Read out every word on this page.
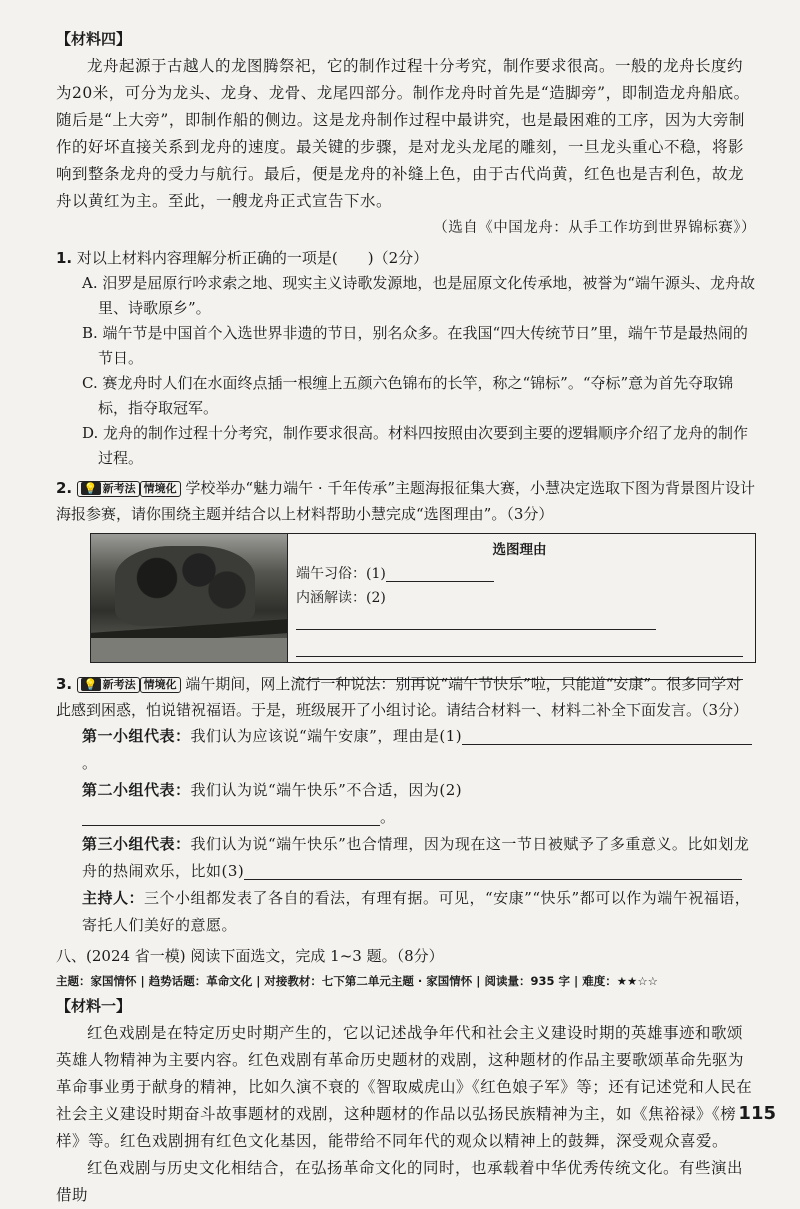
【材料四】

龙舟起源于古越人的龙图腾祭祀，它的制作过程十分考究，制作要求很高。一般的龙舟长度约为20米，可分为龙头、龙身、龙骨、龙尾四部分。制作龙舟时首先是“造脚旁”，即制造龙舟船底。随后是“上大旁”，即制作船的侧边。这是龙舟制作过程中最讲究，也是最困难的工序，因为大旁制作的好坏直接关系到龙舟的速度。最关键的步骤，是对龙头龙尾的雕刻，一旦龙头重心不稳，将影响到整条龙舟的受力与航行。最后，便是龙舟的补缝上色，由于古代尚黄，红色也是吉利色，故龙舟以黄红为主。至此，一艘龙舟正式宣告下水。

（选自《中国龙舟：从手工作坊到世界锦标赛》）

1. 对以上材料内容理解分析正确的一项是(　　)（2分）

A. 汨罗是屈原行吟求索之地、现实主义诗歌发源地，也是屈原文化传承地，被誉为“端午源头、龙舟故里、诗歌原乡”。

B. 端午节是中国首个入选世界非遗的节日，别名众多。在我国“四大传统节日”里，端午节是最热闹的节日。

C. 赛龙舟时人们在水面终点插一根缠上五颜六色锦布的长竿，称之“锦标”。“夺标”意为首先夺取锦标，指夺取冠军。

D. 龙舟的制作过程十分考究，制作要求很高。材料四按照由次要到主要的逻辑顺序介绍了龙舟的制作过程。

2. 💡 新考法 情境化 学校举办“魅力端午 · 千年传承”主题海报征集大赛，小慧决定选取下图为背景图片设计海报参赛，请你围绕主题并结合以上材料帮助小慧完成“选图理由”。（3分）

选图理由
端午习俗：(1)
内涵解读：(2)

3. 💡 新考法 情境化 端午期间，网上流行一种说法：别再说“端午节快乐”啦，只能道“安康”。很多同学对此感到困惑，怕说错祝福语。于是，班级展开了小组讨论。请结合材料一、材料二补全下面发言。（3分）

第一小组代表：我们认为应该说“端午安康”，理由是(1)。

第二小组代表：我们认为说“端午快乐”不合适，因为(2)。

第三小组代表：我们认为说“端午快乐”也合情理，因为现在这一节日被赋予了多重意义。比如划龙舟的热闹欢乐，比如(3)

主持人：三个小组都发表了各自的看法，有理有据。可见，“安康”“快乐”都可以作为端午祝福语，寄托人们美好的意愿。

八、(2024 省一模) 阅读下面选文，完成 1~3 题。（8分）

主题：家国情怀 | 趋势话题：革命文化 | 对接教材：七下第二单元主题 · 家国情怀 | 阅读量：935 字 | 难度：★★☆☆
【材料一】

红色戏剧是在特定历史时期产生的，它以记述战争年代和社会主义建设时期的英雄事迹和歌颂英雄人物精神为主要内容。红色戏剧有革命历史题材的戏剧，这种题材的作品主要歌颂革命先驱为革命事业勇于献身的精神，比如久演不衰的《智取威虎山》《红色娘子军》等；还有记述党和人民在社会主义建设时期奋斗故事题材的戏剧，这种题材的作品以弘扬民族精神为主，如《焦裕禄》《榜样》等。红色戏剧拥有红色文化基因，能带给不同年代的观众以精神上的鼓舞，深受观众喜爱。

红色戏剧与历史文化相结合，在弘扬革命文化的同时，也承载着中华优秀传统文化。有些演出借助

115
